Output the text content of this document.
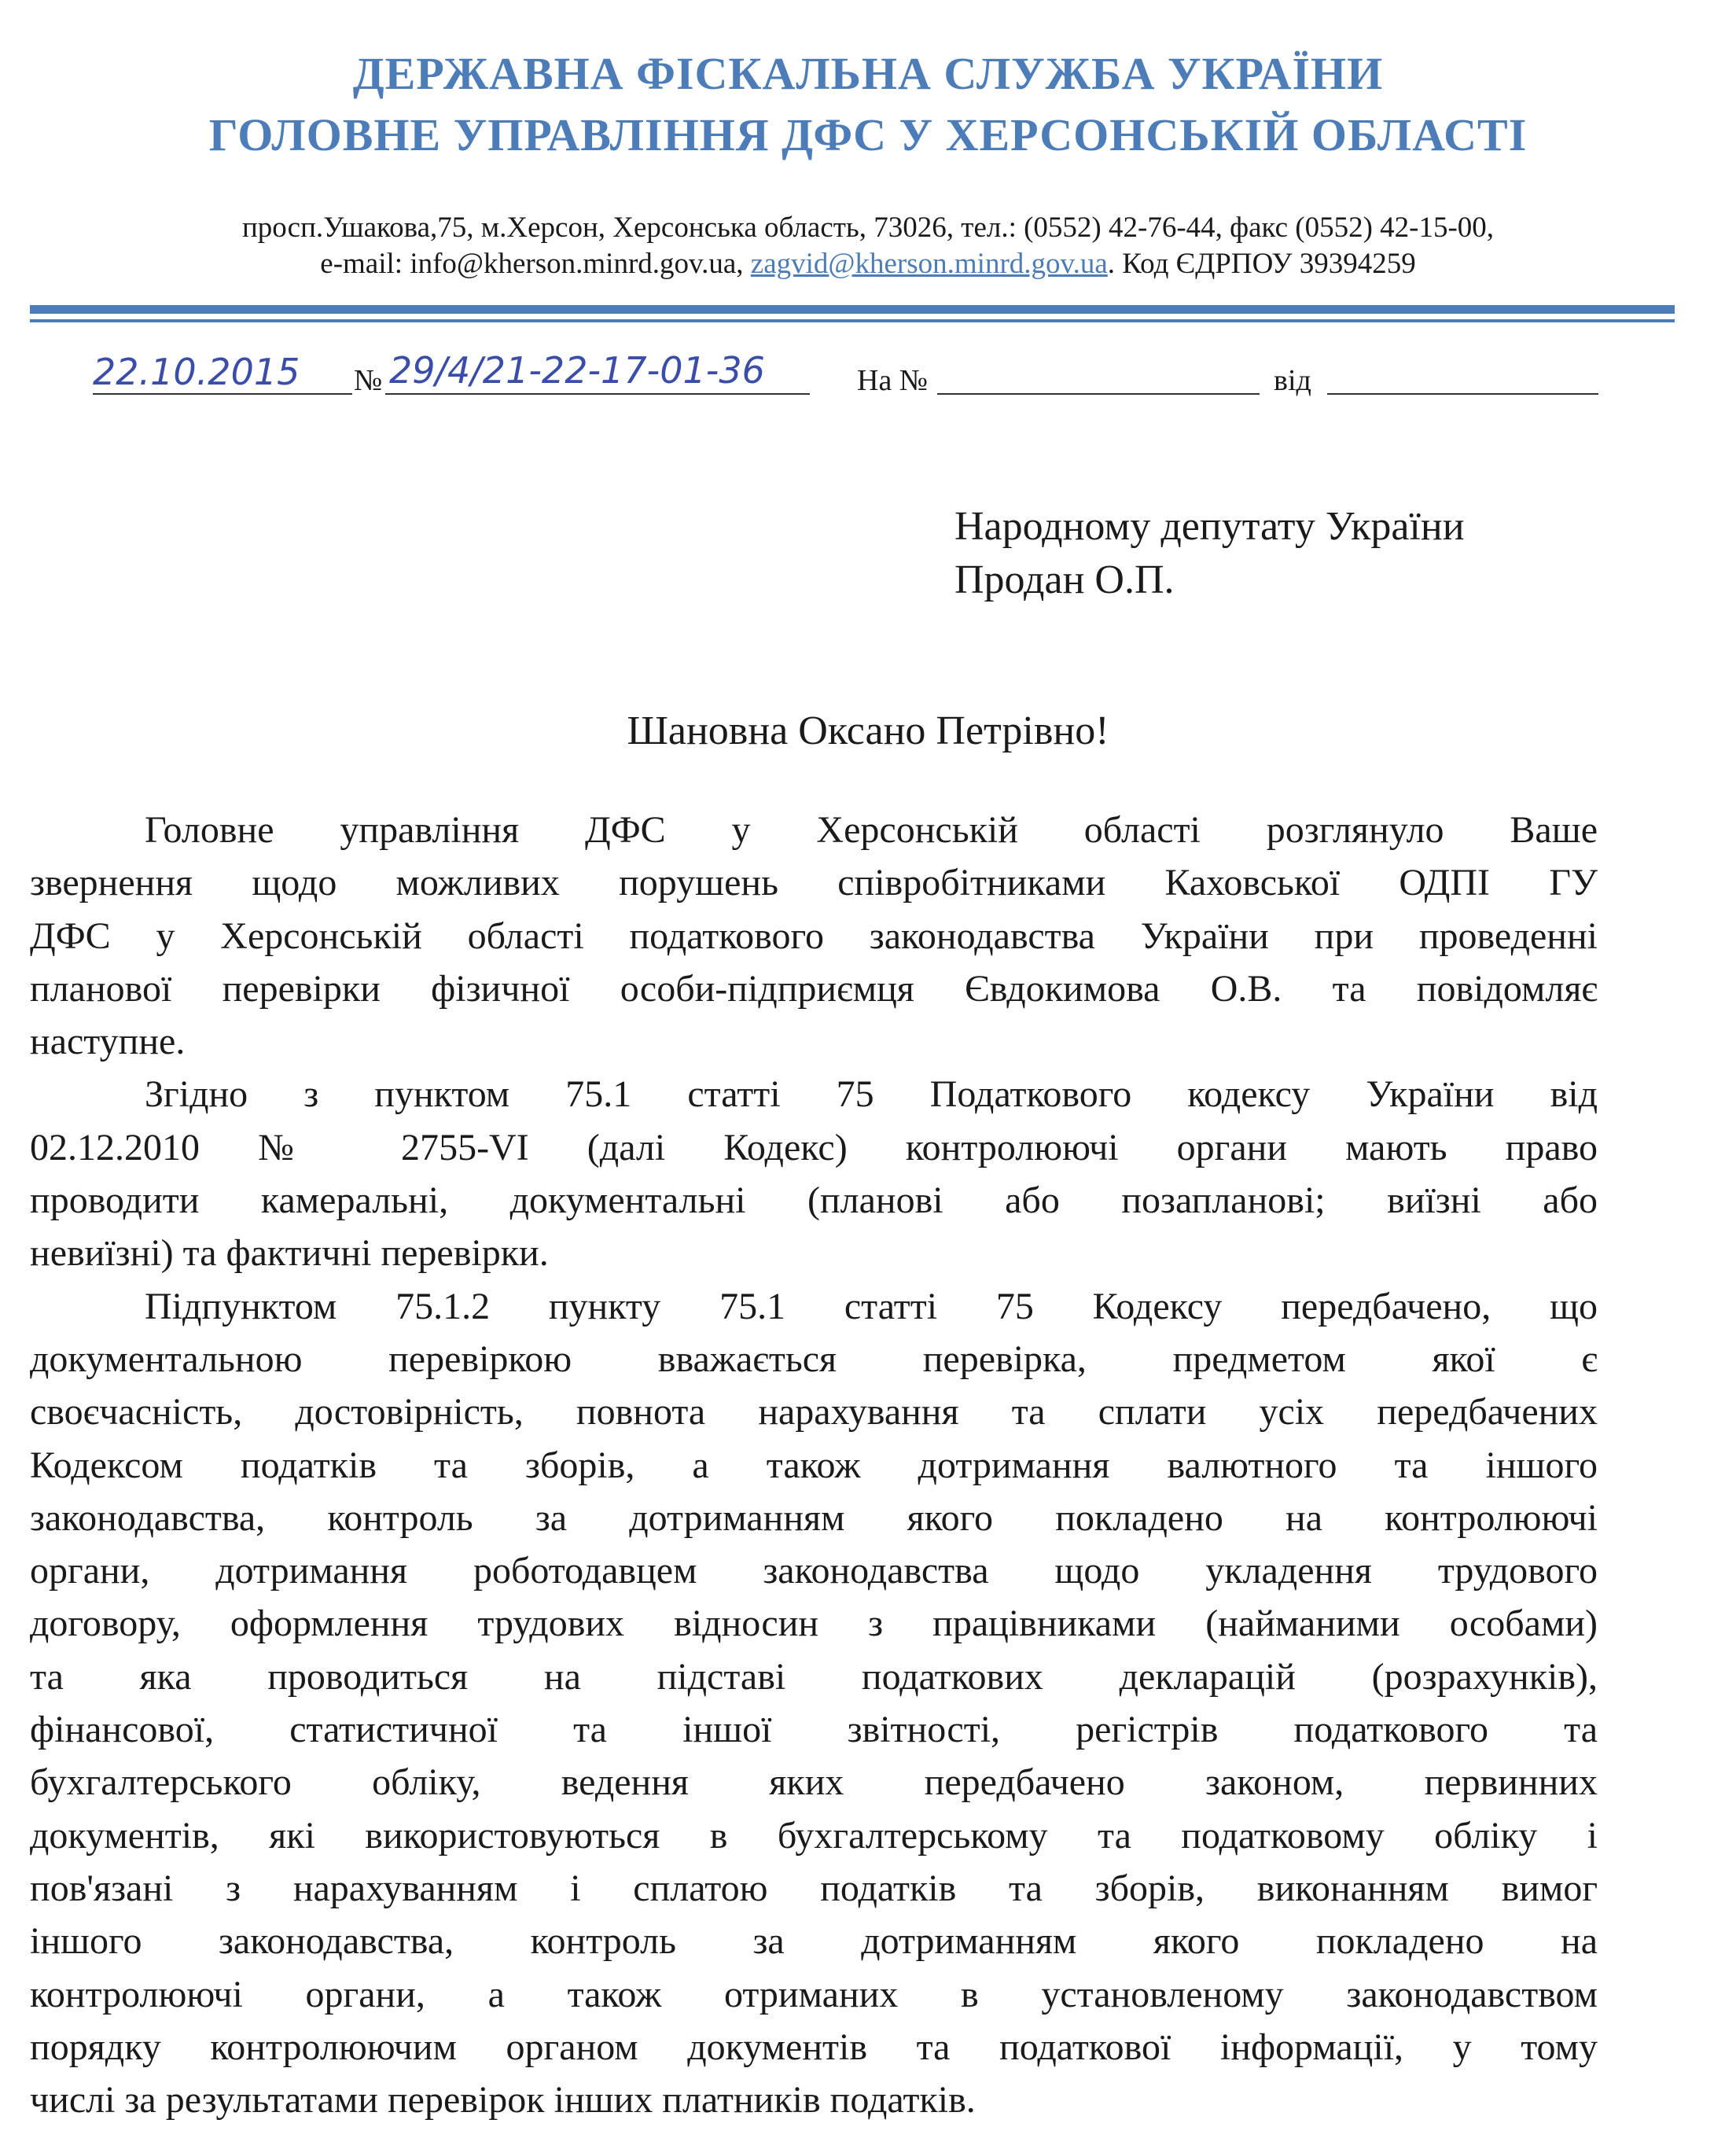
ДЕРЖАВНА ФІСКАЛЬНА СЛУЖБА УКРАЇНИ
ГОЛОВНЕ УПРАВЛІННЯ ДФС У ХЕРСОНСЬКІЙ ОБЛАСТІ
просп.Ушакова,75, м.Херсон, Херсонська область, 73026, тел.: (0552) 42-76-44, факс (0552) 42-15-00,
e-mail: info@kherson.minrd.gov.ua, zagvid@kherson.minrd.gov.ua. Код ЄДРПОУ 39394259
22.10.2015 № 29/4/21-22-17-01-36	На №	від
Народному депутату України
Продан О.П.
Шановна Оксано Петрівно!
Головне управління ДФС у Херсонській області розглянуло Ваше
звернення щодо можливих порушень співробітниками Каховської ОДПІ ГУ
ДФС у Херсонській області податкового законодавства України при проведенні
планової перевірки фізичної особи-підприємця Євдокимова О.В. та повідомляє
наступне.
Згідно з пунктом 75.1 статті 75 Податкового кодексу України від
02.12.2010 № 2755-VI (далі Кодекс) контролюючі органи мають право
проводити камеральні, документальні (планові або позапланові; виїзні або
невиїзні) та фактичні перевірки.
Підпунктом 75.1.2 пункту 75.1 статті 75 Кодексу передбачено, що
документальною перевіркою вважається перевірка, предметом якої є
своєчасність, достовірність, повнота нарахування та сплати усіх передбачених
Кодексом податків та зборів, а також дотримання валютного та іншого
законодавства, контроль за дотриманням якого покладено на контролюючі
органи, дотримання роботодавцем законодавства щодо укладення трудового
договору, оформлення трудових відносин з працівниками (найманими особами)
та яка проводиться на підставі податкових декларацій (розрахунків),
фінансової, статистичної та іншої звітності, регістрів податкового та
бухгалтерського обліку, ведення яких передбачено законом, первинних
документів, які використовуються в бухгалтерському та податковому обліку і
пов'язані з нарахуванням і сплатою податків та зборів, виконанням вимог
іншого законодавства, контроль за дотриманням якого покладено на
контролюючі органи, а також отриманих в установленому законодавством
порядку контролюючим органом документів та податкової інформації, у тому
числі за результатами перевірок інших платників податків.
